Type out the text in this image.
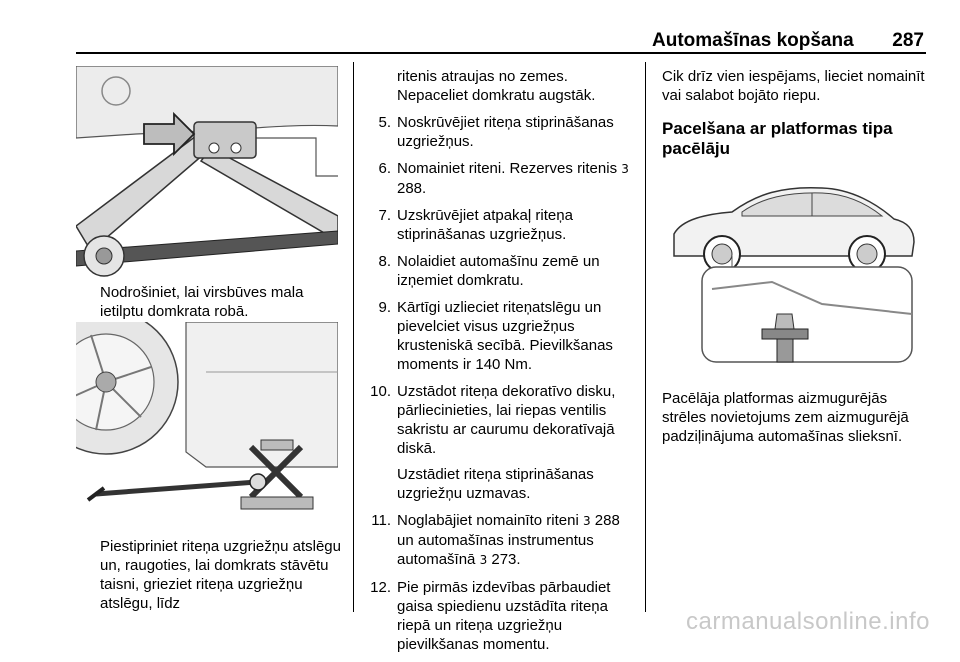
Automašīnas kopšana 287
Nodrošiniet, lai virsbūves mala ietilptu domkrata robā.
Piestipriniet riteņa uzgriežņu atslēgu un, raugoties, lai domkrats stāvētu taisni, grieziet riteņa uzgriežņu atslēgu, līdz
ritenis atraujas no zemes. Nepaceliet domkratu augstāk.
5. Noskrūvējiet riteņa stiprināšanas uzgriežņus.
6. Nomainiet riteni. Rezerves ritenis 3 288.
7. Uzskrūvējiet atpakaļ riteņa stiprināšanas uzgriežņus.
8. Nolaidiet automašīnu zemē un izņemiet domkratu.
9. Kārtīgi uzlieciet riteņatslēgu un pievelciet visus uzgriežņus krusteniskā secībā. Pievilkšanas moments ir 140 Nm.
10. Uzstādot riteņa dekoratīvo disku, pārliecinieties, lai riepas ventilis sakristu ar caurumu dekoratīvajā diskā.
Uzstādiet riteņa stiprināšanas uzgriežņu uzmavas.
11. Noglabājiet nomainīto riteni 3 288 un automašīnas instrumentus automašīnā 3 273.
12. Pie pirmās izdevības pārbaudiet gaisa spiedienu uzstādīta riteņa riepā un riteņa uzgriežņu pievilkšanas momentu.
Cik drīz vien iespējams, lieciet nomainīt vai salabot bojāto riepu.
Pacelšana ar platformas tipa pacēlāju
Pacēlāja platformas aizmugurējās strēles novietojums zem aizmugurējā padziļinājuma automašīnas slieksnī.
carmanualsonline.info
